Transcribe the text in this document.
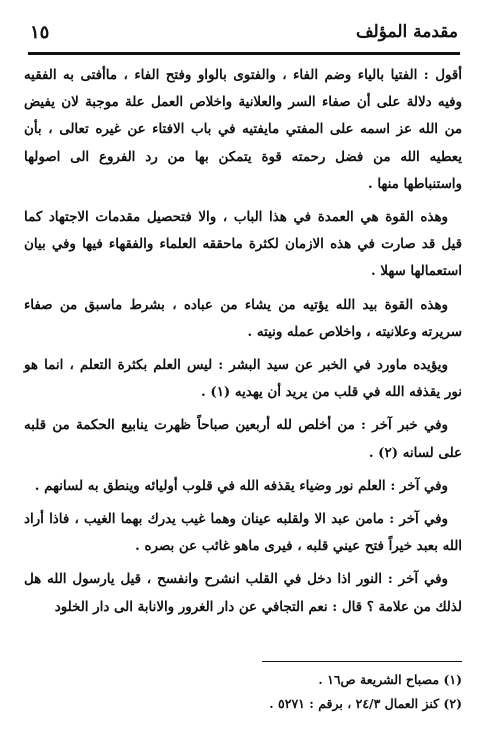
١٥	مقدمة المؤلف

أقول : الفتيا بالياء وضم الفاء ، والفتوى بالواو وفتح الفاء ، ماأفتى به الفقيه وفيه دلالة على أن صفاء السر والعلانية واخلاص العمل علة موجبة لان يفيض من الله عز اسمه على المفتي مايفتيه في باب الافتاء عن غيره تعالى ، بأن يعطيه الله من فضل رحمته قوة يتمكن بها من رد الفروع الى اصولها واستنباطها منها .

وهذه القوة هي العمدة في هذا الباب ، والا فتحصيل مقدمات الاجتهاد كما قيل قد صارت في هذه الازمان لكثرة ماحققه العلماء والفقهاء فيها وفي بيان استعمالها سهلا .

وهذه القوة بيد الله يؤتيه من يشاء من عباده ، بشرط ماسبق من صفاء سريرته وعلانيته ، واخلاص عمله ونيته .

ويؤيده ماورد في الخبر عن سيد البشر : ليس العلم بكثرة التعلم ، انما هو نور يقذفه الله في قلب من يريد أن يهديه (١) .

وفي خبر آخر : من أخلص لله أربعين صباحاً ظهرت ينابيع الحكمة من قلبه على لسانه (٢) .

وفي آخر : العلم نور وضياء يقذفه الله في قلوب أوليائه وينطق به لسانهم .

وفي آخر : مامن عبد الا ولقلبه عينان وهما غيب يدرك بهما الغيب ، فاذا أراد الله بعبد خيراً فتح عيني قلبه ، فيرى ماهو غائب عن بصره .

وفي آخر : النور اذا دخل في القلب انشرح وانفسح ، قيل يارسول الله هل لذلك من علامة ؟ قال : نعم التجافي عن دار الغرور والانابة الى دار الخلود

(١) مصباح الشريعة ص١٦ .
(٢) كنز العمال ٢٤/٣ ، برقم : ٥٢٧١ .
